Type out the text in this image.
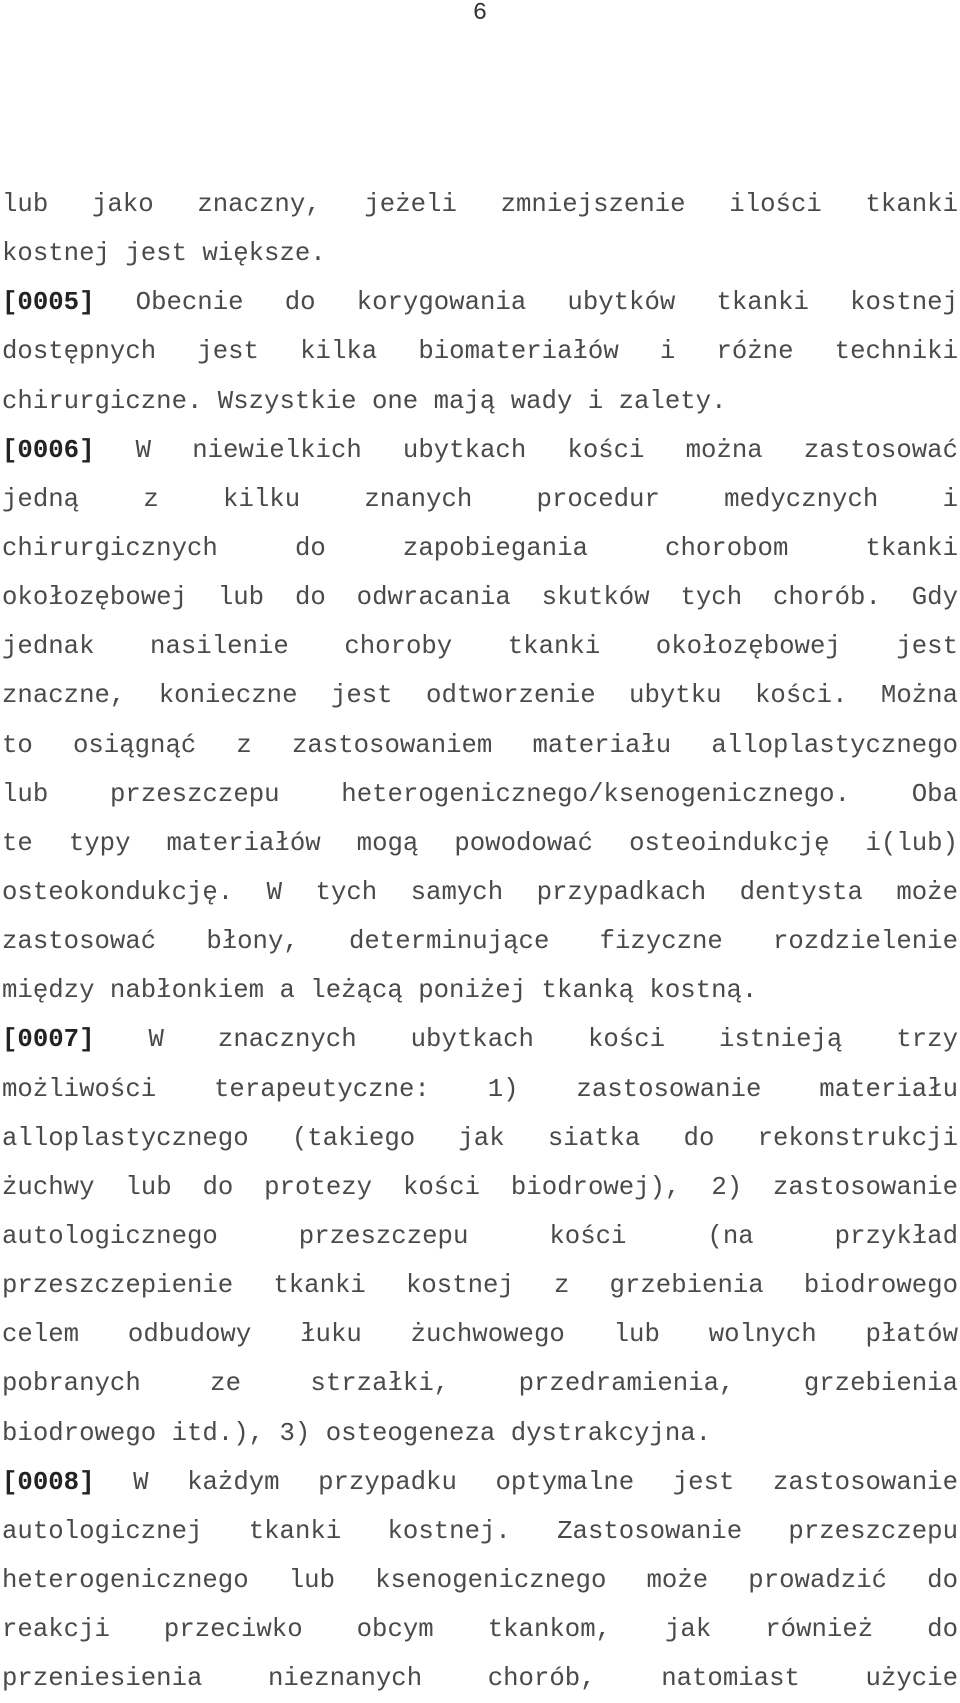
6
lub jako znaczny, jeżeli zmniejszenie ilości tkanki
kostnej jest większe.
[0005] Obecnie do korygowania ubytków tkanki kostnej
dostępnych jest kilka biomateriałów i różne techniki
chirurgiczne. Wszystkie one mają wady i zalety.
[0006] W niewielkich ubytkach kości można zastosować
jedną z kilku znanych procedur medycznych i
chirurgicznych do zapobiegania chorobom tkanki
okołozębowej lub do odwracania skutków tych chorób. Gdy
jednak nasilenie choroby tkanki okołozębowej jest
znaczne, konieczne jest odtworzenie ubytku kości. Można
to osiągnąć z zastosowaniem materiału alloplastycznego
lub przeszczepu heterogenicznego/ksenogenicznego. Oba
te typy materiałów mogą powodować osteoindukcję i(lub)
osteokondukcję. W tych samych przypadkach dentysta może
zastosować błony, determinujące fizyczne rozdzielenie
między nabłonkiem a leżącą poniżej tkanką kostną.
[0007] W znacznych ubytkach kości istnieją trzy
możliwości terapeutyczne: 1) zastosowanie materiału
alloplastycznego (takiego jak siatka do rekonstrukcji
żuchwy lub do protezy kości biodrowej), 2) zastosowanie
autologicznego przeszczepu kości (na przykład
przeszczepienie tkanki kostnej z grzebienia biodrowego
celem odbudowy łuku żuchwowego lub wolnych płatów
pobranych ze strzałki, przedramienia, grzebienia
biodrowego itd.), 3) osteogeneza dystrakcyjna.
[0008] W każdym przypadku optymalne jest zastosowanie
autologicznej tkanki kostnej. Zastosowanie przeszczepu
heterogenicznego lub ksenogenicznego może prowadzić do
reakcji przeciwko obcym tkankom, jak również do
przeniesienia nieznanych chorób, natomiast użycie
